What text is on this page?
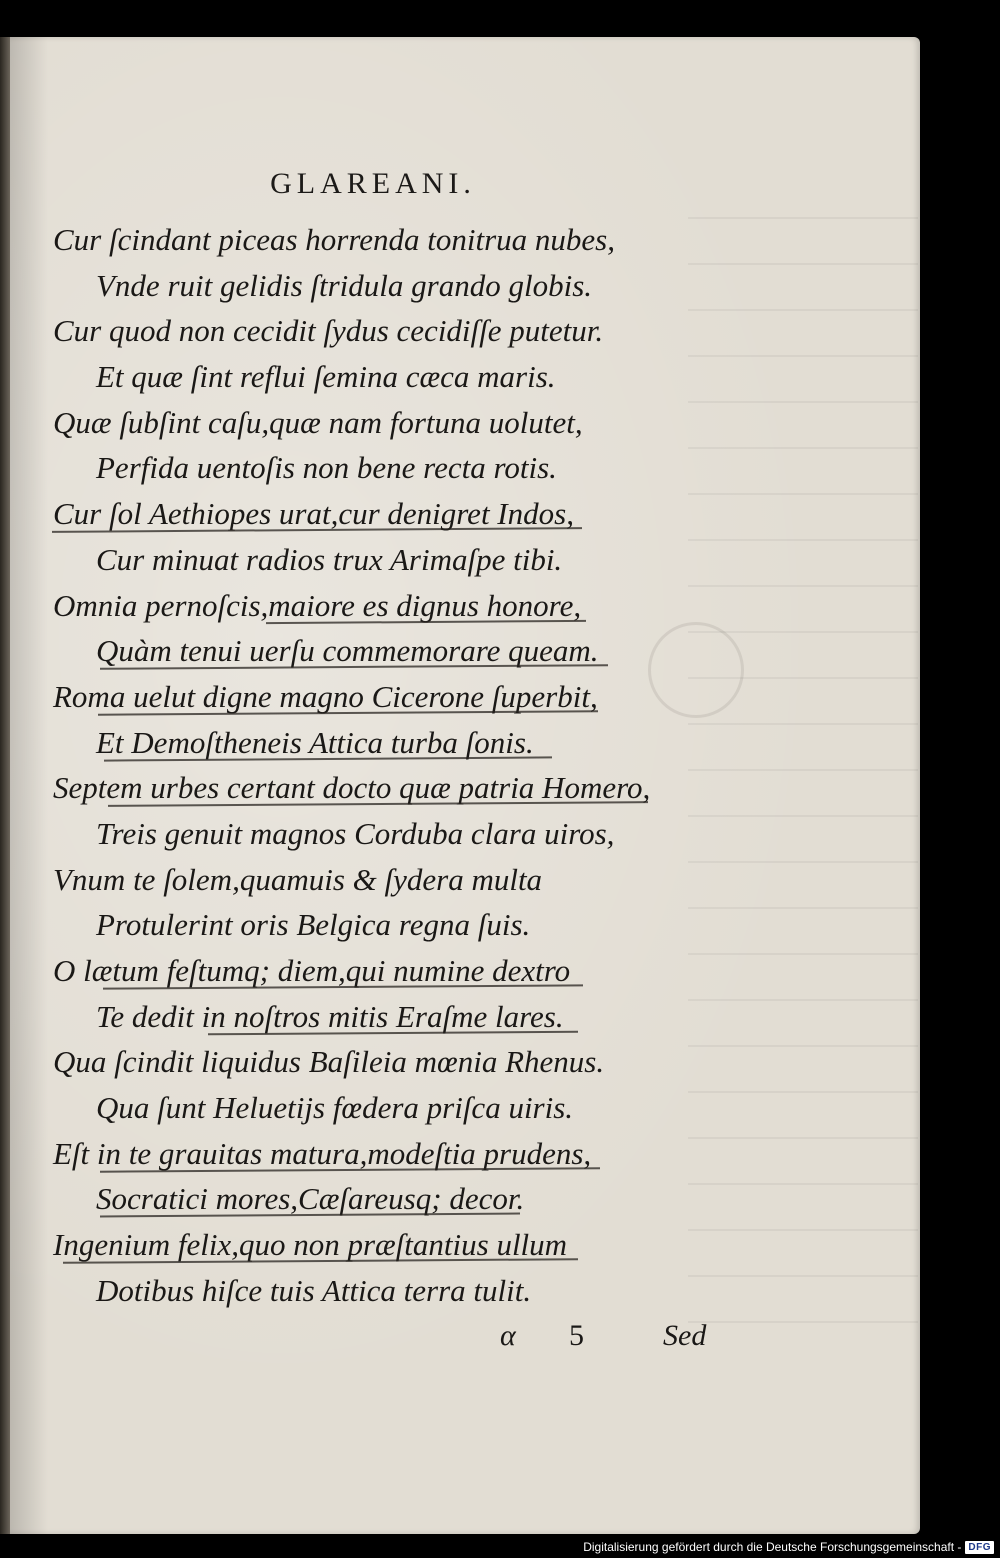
GLAREANI.
Cur ſcindant piceas horrenda tonitrua nubes,
Vnde ruit gelidis ſtridula grando globis.
Cur quod non cecidit ſydus cecidiſſe putetur.
Et quæ ſint reflui ſemina cæca maris.
Quæ ſubſint caſu,quæ nam fortuna uolutet,
Perfida uentoſis non bene recta rotis.
Cur ſol Aethiopes urat,cur denigret Indos,
Cur minuat radios trux Arimaſpe tibi.
Omnia pernoſcis,maiore es dignus honore,
Quàm tenui uerſu commemorare queam.
Roma uelut digne magno Cicerone ſuperbit,
Et Demoſtheneis Attica turba ſonis.
Septem urbes certant docto quæ patria Homero,
Treis genuit magnos Corduba clara uiros,
Vnum te ſolem,quamuis & ſydera multa
Protulerint oris Belgica regna ſuis.
O lætum feſtumq; diem,qui numine dextro
Te dedit in noſtros mitis Eraſme lares.
Qua ſcindit liquidus Baſileia mœnia Rhenus.
Qua ſunt Heluetijs fœdera priſca uiris.
Eſt in te grauitas matura,modeſtia prudens,
Socratici mores,Cæſareusq; decor.
Ingenium felix,quo non præſtantius ullum
Dotibus hiſce tuis Attica terra tulit.
α 5	Sed
Digitalisierung gefördert durch die Deutsche Forschungsgemeinschaft - DFG
